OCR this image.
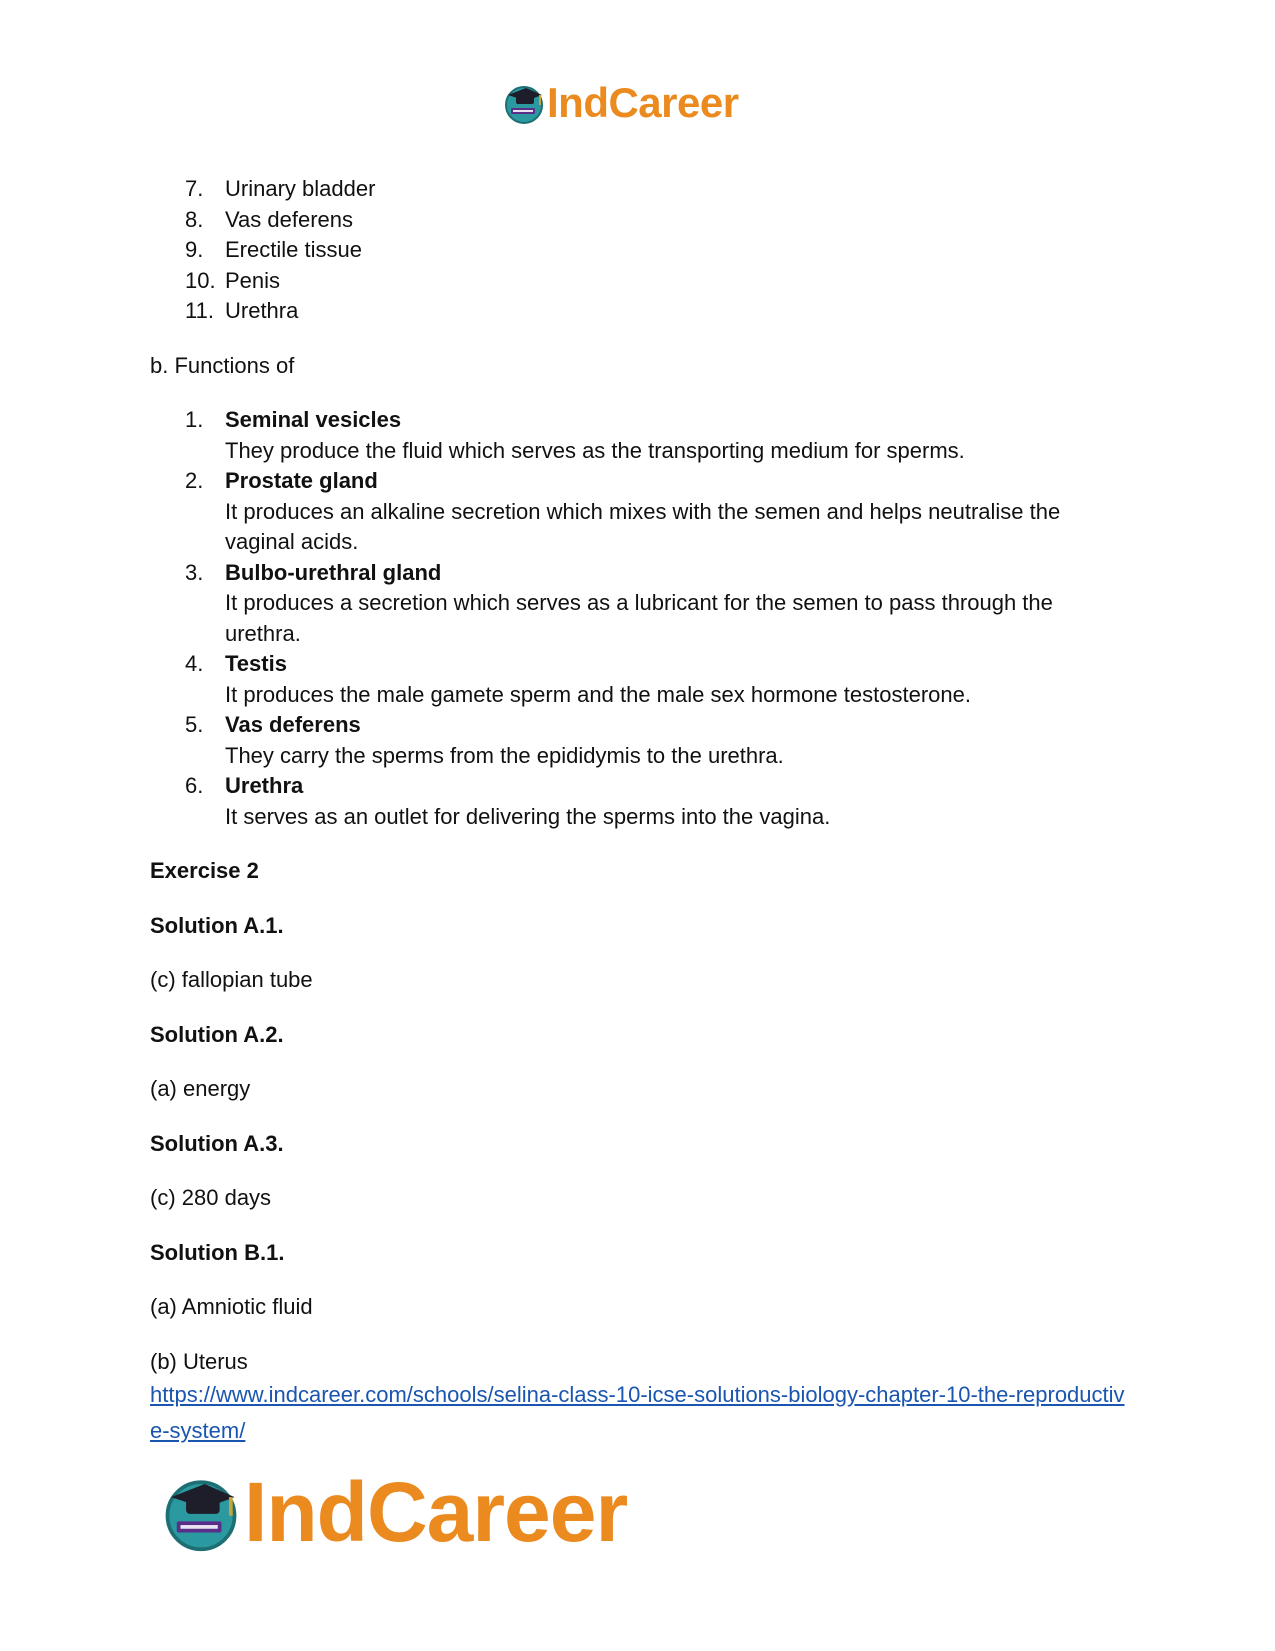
IndCareer
7. Urinary bladder
8. Vas deferens
9. Erectile tissue
10. Penis
11. Urethra

b. Functions of

1. Seminal vesicles
They produce the fluid which serves as the transporting medium for sperms.
2. Prostate gland
It produces an alkaline secretion which mixes with the semen and helps neutralise the vaginal acids.
3. Bulbo-urethral gland
It produces a secretion which serves as a lubricant for the semen to pass through the urethra.
4. Testis
It produces the male gamete sperm and the male sex hormone testosterone.
5. Vas deferens
They carry the sperms from the epididymis to the urethra.
6. Urethra
It serves as an outlet for delivering the sperms into the vagina.

Exercise 2

Solution A.1.

(c) fallopian tube

Solution A.2.

(a) energy

Solution A.3.

(c) 280 days

Solution B.1.

(a) Amniotic fluid

(b) Uterus

https://www.indcareer.com/schools/selina-class-10-icse-solutions-biology-chapter-10-the-reproductive-system/
IndCareer
